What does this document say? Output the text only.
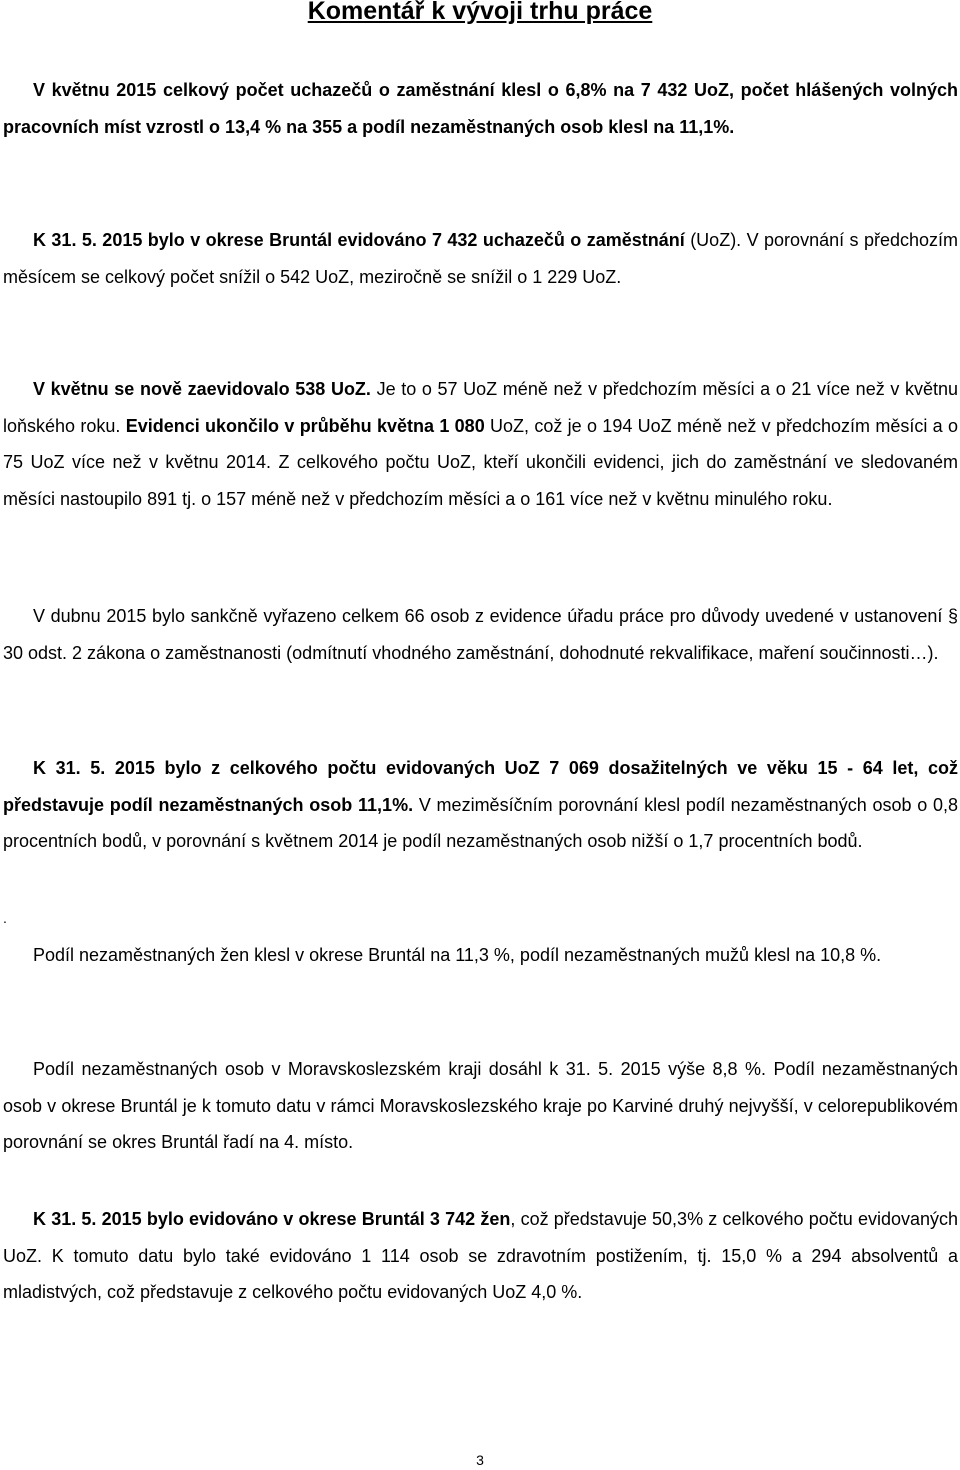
Komentář k vývoji trhu práce

V květnu 2015 celkový počet uchazečů o zaměstnání klesl o 6,8% na 7 432 UoZ, počet hlášených volných pracovních míst vzrostl o 13,4 % na 355 a podíl nezaměstnaných osob klesl na 11,1%.

K 31. 5. 2015 bylo v okrese Bruntál evidováno 7 432 uchazečů o zaměstnání (UoZ). V porovnání s předchozím měsícem se celkový počet snížil o 542 UoZ, meziročně se snížil o 1 229 UoZ.

V květnu se nově zaevidovalo 538 UoZ. Je to o 57 UoZ méně než v předchozím měsíci a o 21 více než v květnu loňského roku. Evidenci ukončilo v průběhu května 1 080 UoZ, což je o 194 UoZ méně než v předchozím měsíci a o 75 UoZ více než v květnu 2014. Z celkového počtu UoZ, kteří ukončili evidenci, jich do zaměstnání ve sledovaném měsíci nastoupilo 891 tj. o 157 méně než v předchozím měsíci a o 161 více než v květnu minulého roku.

V dubnu 2015 bylo sankčně vyřazeno celkem 66 osob z evidence úřadu práce pro důvody uvedené v ustanovení § 30 odst. 2 zákona o zaměstnanosti (odmítnutí vhodného zaměstnání, dohodnuté rekvalifikace, maření součinnosti…).

K 31. 5. 2015 bylo z celkového počtu evidovaných UoZ 7 069 dosažitelných ve věku 15 - 64 let, což představuje podíl nezaměstnaných osob 11,1%. V meziměsíčním porovnání klesl podíl nezaměstnaných osob o 0,8 procentních bodů, v porovnání s květnem 2014 je podíl nezaměstnaných osob nižší o 1,7 procentních bodů.

.

Podíl nezaměstnaných žen klesl v okrese Bruntál na 11,3 %, podíl nezaměstnaných mužů klesl na 10,8 %.

Podíl nezaměstnaných osob v Moravskoslezském kraji dosáhl k 31. 5. 2015 výše 8,8 %. Podíl nezaměstnaných osob v okrese Bruntál je k tomuto datu v rámci Moravskoslezského kraje po Karviné druhý nejvyšší, v celorepublikovém porovnání se okres Bruntál řadí na 4. místo.

K 31. 5. 2015 bylo evidováno v okrese Bruntál 3 742 žen, což představuje 50,3% z celkového počtu evidovaných UoZ. K tomuto datu bylo také evidováno 1 114 osob se zdravotním postižením, tj. 15,0 % a 294 absolventů a mladistvých, což představuje z celkového počtu evidovaných UoZ 4,0 %.

3
